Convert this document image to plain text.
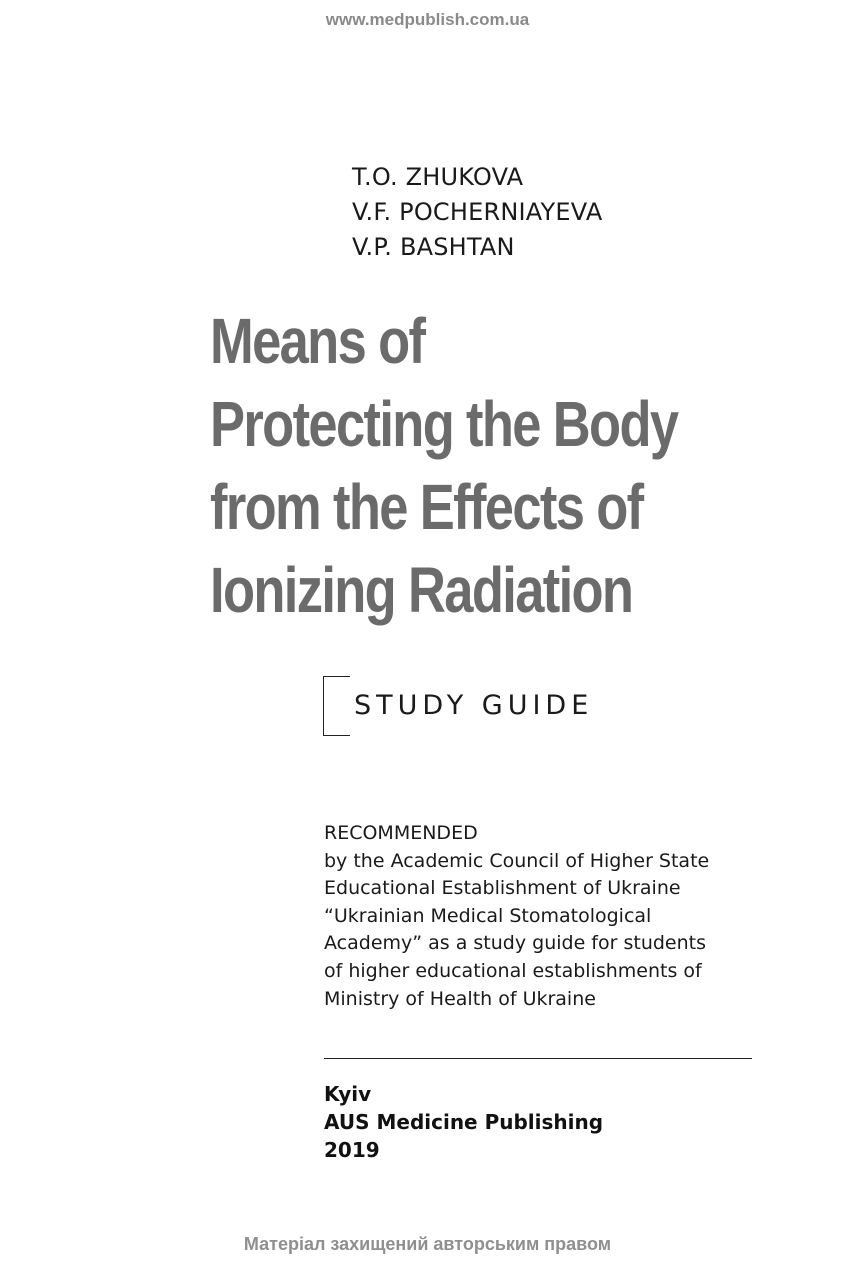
www.medpublish.com.ua
T.O. ZHUKOVA
V.F. POCHERNIAYEVA
V.P. BASHTAN
Means of
Protecting the Body
from the Effects of
Ionizing Radiation
STUDY GUIDE
RECOMMENDED
by the Academic Council of Higher State
Educational Establishment of Ukraine
“Ukrainian Medical Stomatological
Academy” as a study guide for students
of higher educational establishments of
Ministry of Health of Ukraine
Kyiv
AUS Medicine Publishing
2019
Матеріал захищений авторським правом
